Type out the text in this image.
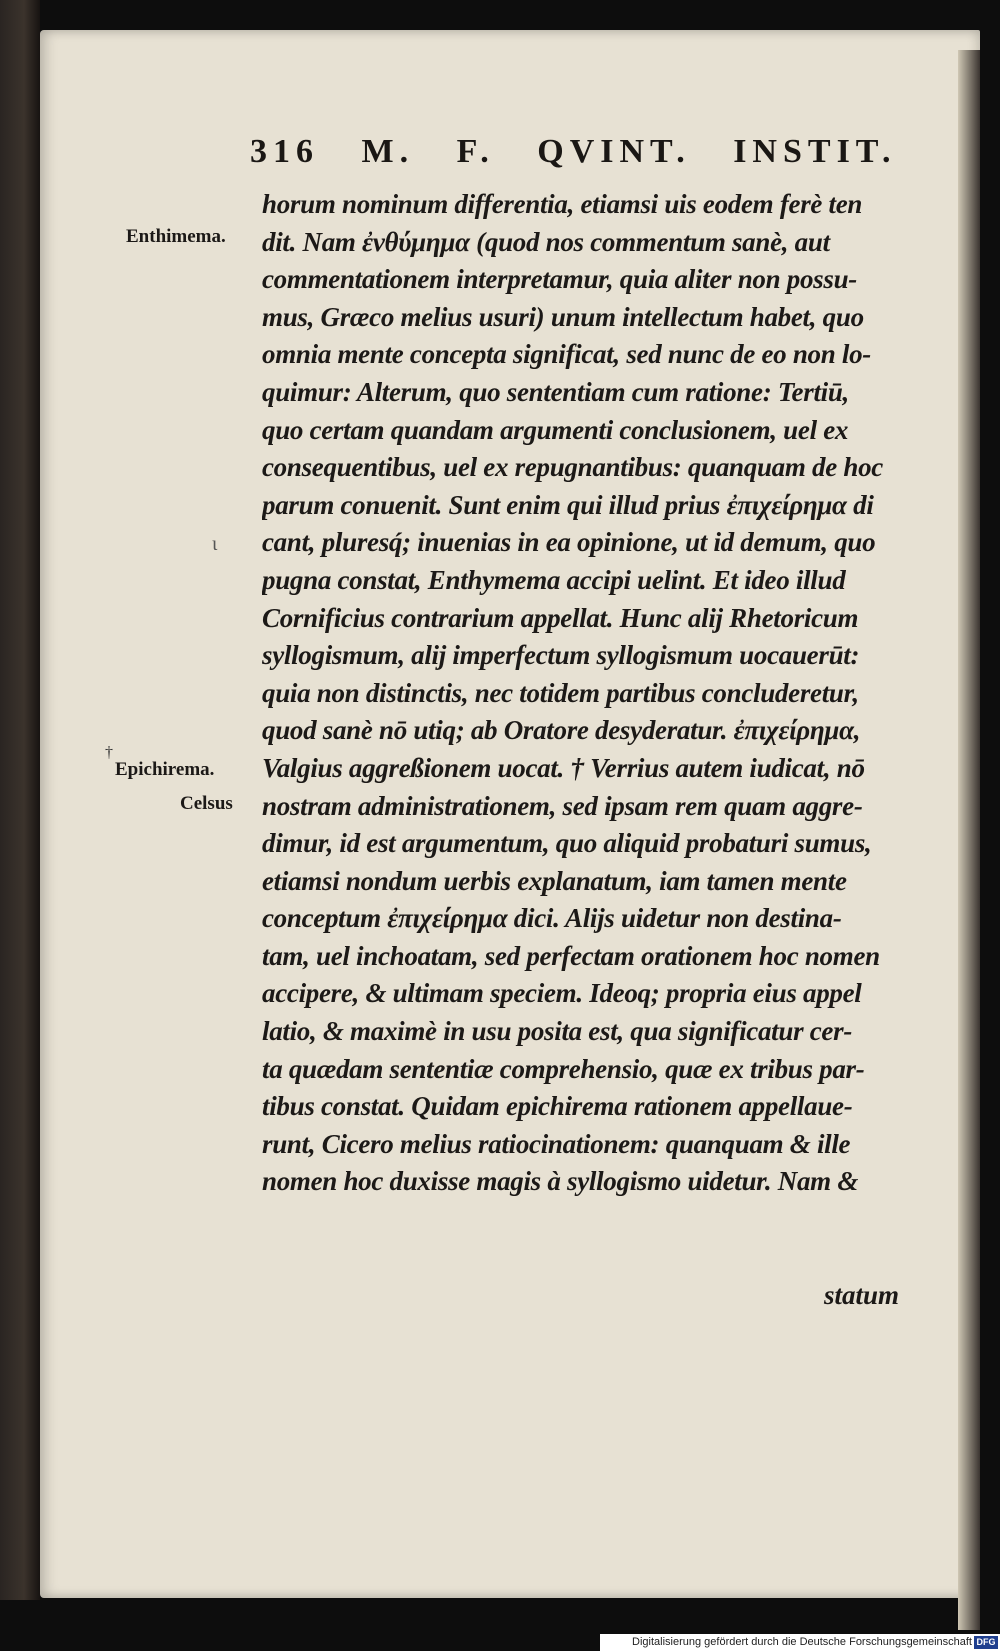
316 M. F. QVINT. INSTIT.
Enthimema.
†
Epichirema.
Celsus
ι
horum nominum differentia, etiamsi uis eodem ferè ten
dit. Nam ἐνθύμημα (quod nos commentum sanè, aut
commentationem interpretamur, quia aliter non possu-
mus, Græco melius usuri) unum intellectum habet, quo
omnia mente concepta significat, sed nunc de eo non lo-
quimur: Alterum, quo sententiam cum ratione: Tertiū,
quo certam quandam argumenti conclusionem, uel ex
consequentibus, uel ex repugnantibus: quanquam de hoc
parum conuenit. Sunt enim qui illud prius ἐπιχείρημα di
cant, pluresq́; inuenias in ea opinione, ut id demum, quo
pugna constat, Enthymema accipi uelint. Et ideo illud
Cornificius contrarium appellat. Hunc alij Rhetoricum
syllogismum, alij imperfectum syllogismum uocauerūt:
quia non distinctis, nec totidem partibus concluderetur,
quod sanè nō utiq; ab Oratore desyderatur. ἐπιχείρημα,
Valgius aggreßionem uocat. † Verrius autem iudicat, nō
nostram administrationem, sed ipsam rem quam aggre-
dimur, id est argumentum, quo aliquid probaturi sumus,
etiamsi nondum uerbis explanatum, iam tamen mente
conceptum ἐπιχείρημα dici. Alijs uidetur non destina-
tam, uel inchoatam, sed perfectam orationem hoc nomen
accipere, & ultimam speciem. Ideoq; propria eius appel
latio, & maximè in usu posita est, qua significatur cer-
ta quædam sententiæ comprehensio, quæ ex tribus par-
tibus constat. Quidam epichirema rationem appellaue-
runt, Cicero melius ratiocinationem: quanquam & ille
nomen hoc duxisse magis à syllogismo uidetur. Nam &
statum
Digitalisierung gefördert durch die Deutsche Forschungsgemeinschaft DFG
